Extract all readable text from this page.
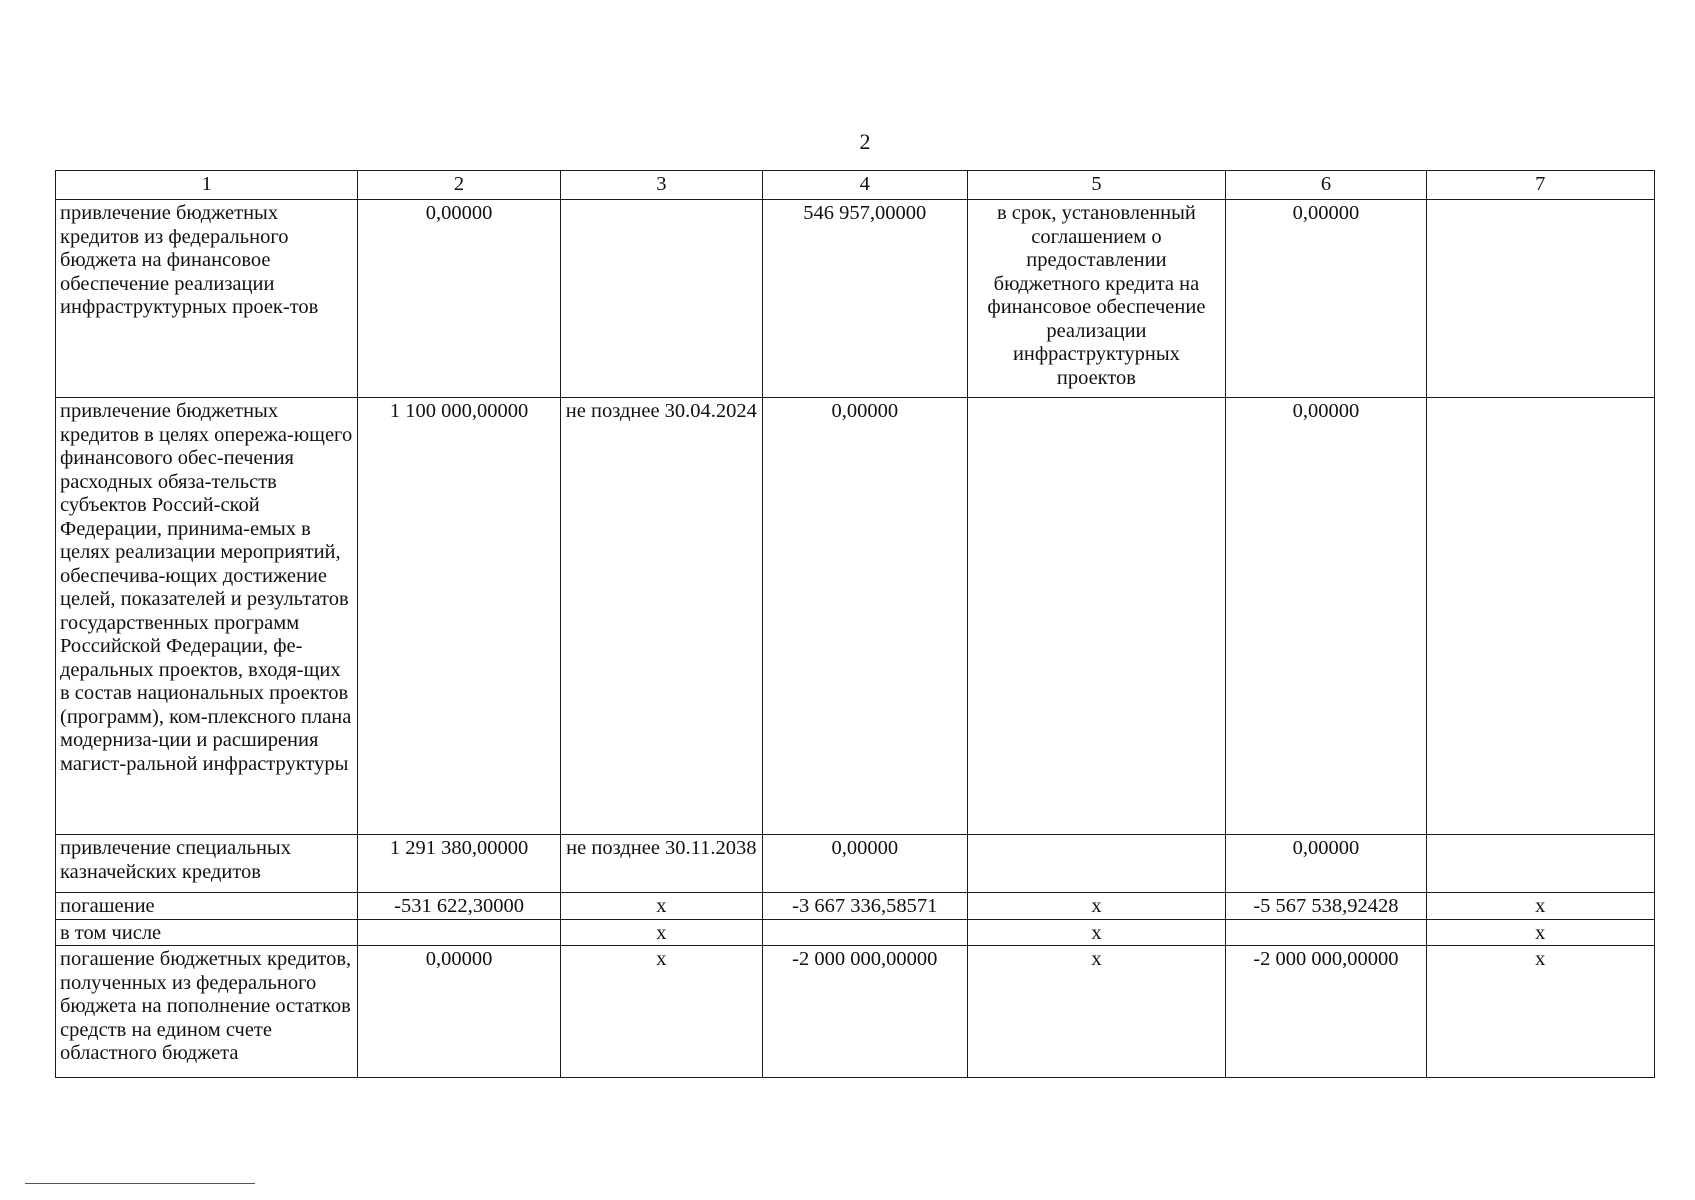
2
1	2	3	4	5	6	7
привлечение бюджетных кредитов из федерального бюджета на финансовое обеспечение реализации инфраструктурных проек-тов	0,00000		546 957,00000	в срок, установленный соглашением о предоставлении бюджетного кредита на финансовое обеспечение реализации инфраструктурных проектов	0,00000	
привлечение бюджетных кредитов в целях опережа-ющего финансового обес-печения расходных обяза-тельств субъектов Россий-ской Федерации, принима-емых в целях реализации мероприятий, обеспечива-ющих достижение целей, показателей и результатов государственных программ Российской Федерации, фе-деральных проектов, входя-щих в состав национальных проектов (программ), ком-плексного плана модерниза-ции и расширения магист-ральной инфраструктуры	1 100 000,00000	не позднее 30.04.2024	0,00000		0,00000	
привлечение специальных казначейских кредитов	1 291 380,00000	не позднее 30.11.2038	0,00000		0,00000	
погашение	-531 622,30000	x	-3 667 336,58571	x	-5 567 538,92428	x
в том числе		x		x		x
погашение бюджетных кредитов, полученных из федерального бюджета на пополнение остатков средств на едином счете областного бюджета	0,00000	x	-2 000 000,00000	x	-2 000 000,00000	x
